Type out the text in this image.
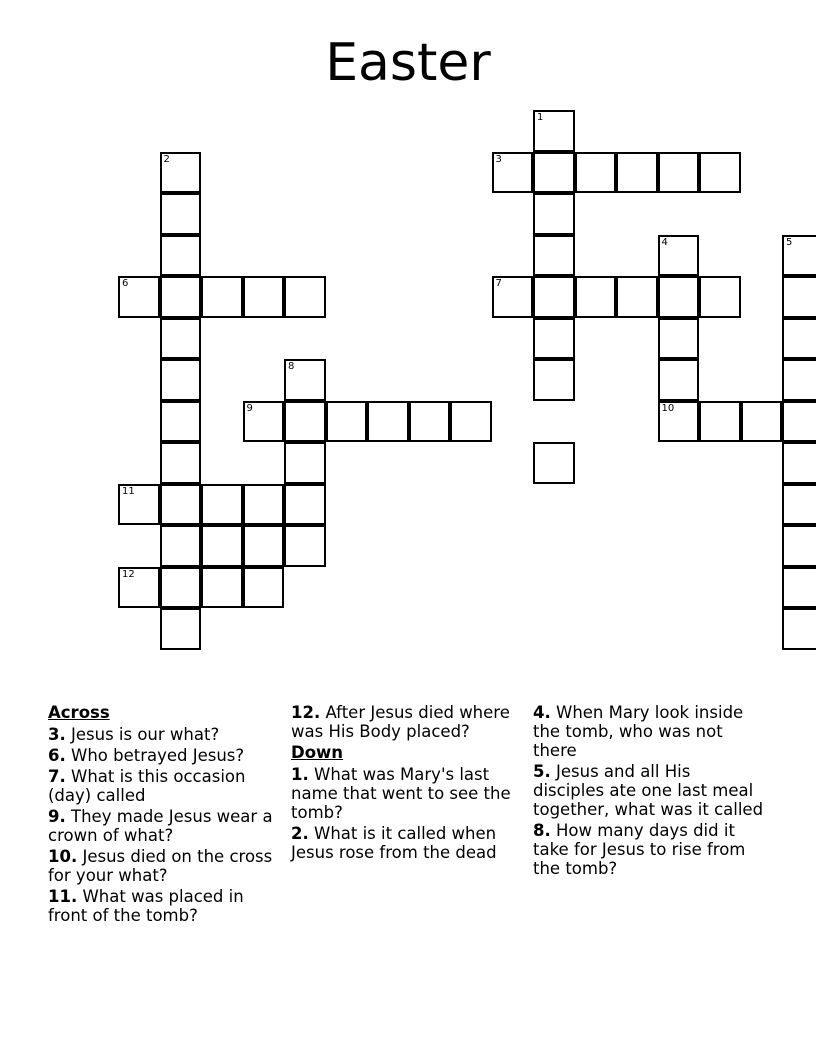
Easter
1
2	3
4	5
6	7
8
9	10
11
12
Across
3. Jesus is our what?
6. Who betrayed Jesus?
7. What is this occasion (day) called
9. They made Jesus wear a crown of what?
10. Jesus died on the cross for your what?
11. What was placed in front of the tomb?
12. After Jesus died where was His Body placed?
Down
1. What was Mary's last name that went to see the tomb?
2. What is it called when Jesus rose from the dead
4. When Mary look inside the tomb, who was not there
5. Jesus and all His disciples ate one last meal together, what was it called
8. How many days did it take for Jesus to rise from the tomb?
